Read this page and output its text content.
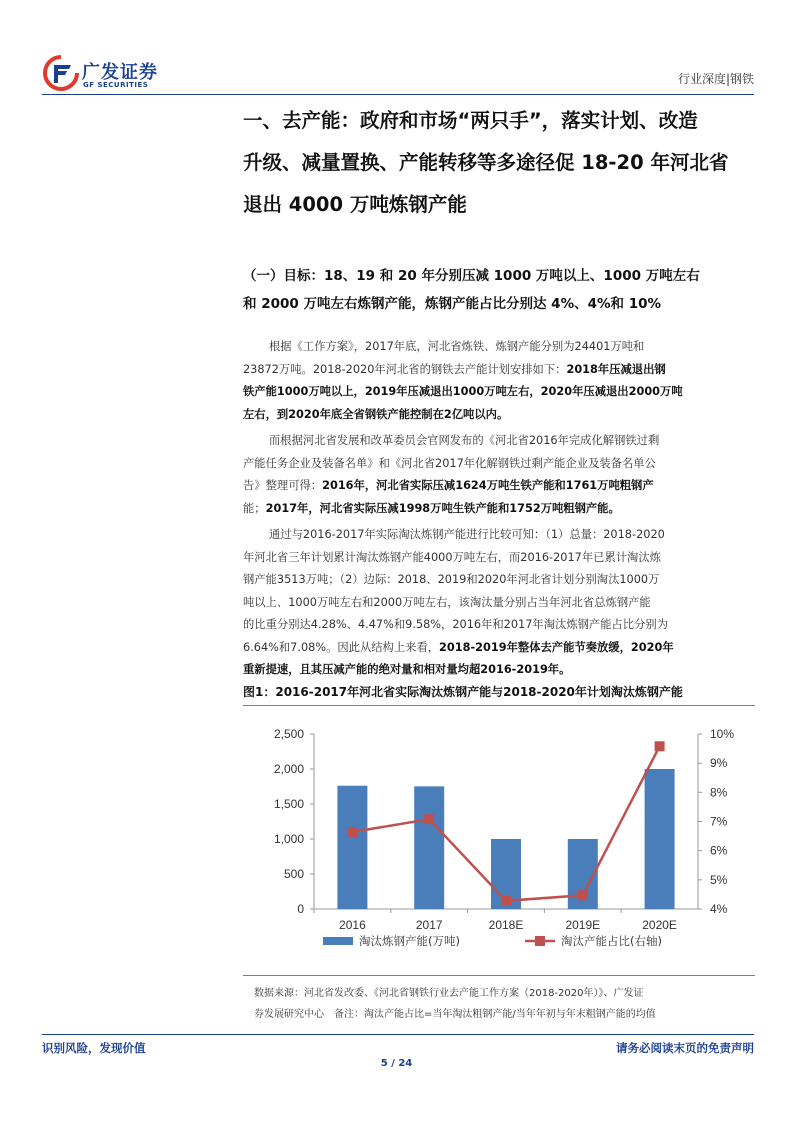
广发证券
GF SECURITIES	行业深度|钢铁
一、去产能：政府和市场“两只手”，落实计划、改造
升级、减量置换、产能转移等多途径促 18-20 年河北省
退出 4000 万吨炼钢产能
（一）目标：18、19 和 20 年分别压减 1000 万吨以上、1000 万吨左右
和 2000 万吨左右炼钢产能，炼钢产能占比分别达 4%、4%和 10%
根据《工作方案》，2017年底，河北省炼铁、炼钢产能分别为24401万吨和
23872万吨。2018-2020年河北省的钢铁去产能计划安排如下：2018年压减退出钢
铁产能1000万吨以上，2019年压减退出1000万吨左右，2020年压减退出2000万吨
左右，到2020年底全省钢铁产能控制在2亿吨以内。
而根据河北省发展和改革委员会官网发布的《河北省2016年完成化解钢铁过剩
产能任务企业及装备名单》和《河北省2017年化解钢铁过剩产能企业及装备名单公
告》整理可得：2016年，河北省实际压减1624万吨生铁产能和1761万吨粗钢产
能；2017年，河北省实际压减1998万吨生铁产能和1752万吨粗钢产能。
通过与2016-2017年实际淘汰炼钢产能进行比较可知：（1）总量：2018-2020
年河北省三年计划累计淘汰炼钢产能4000万吨左右，而2016-2017年已累计淘汰炼
钢产能3513万吨；（2）边际：2018、2019和2020年河北省计划分别淘汰1000万
吨以上、1000万吨左右和2000万吨左右，该淘汰量分别占当年河北省总炼钢产能
的比重分别达4.28%、4.47%和9.58%，2016年和2017年淘汰炼钢产能占比分别为
6.64%和7.08%。因此从结构上来看，2018-2019年整体去产能节奏放缓，2020年
重新提速，且其压减产能的绝对量和相对量均超2016-2019年。
图1：2016-2017年河北省实际淘汰炼钢产能与2018-2020年计划淘汰炼钢产能
0
500
1,000
1,500
2,000
2,500
4%
5%
6%
7%
8%
9%
10%
2016	2017	2018E	2019E	2020E
淘汰炼钢产能(万吨)	淘汰产能占比(右轴)
数据来源：河北省发改委、《河北省钢铁行业去产能工作方案（2018-2020年）》、广发证
券发展研究中心　备注：淘汰产能占比=当年淘汰粗钢产能/当年年初与年末粗钢产能的均值
识别风险，发现价值	请务必阅读末页的免责声明
5 / 24
